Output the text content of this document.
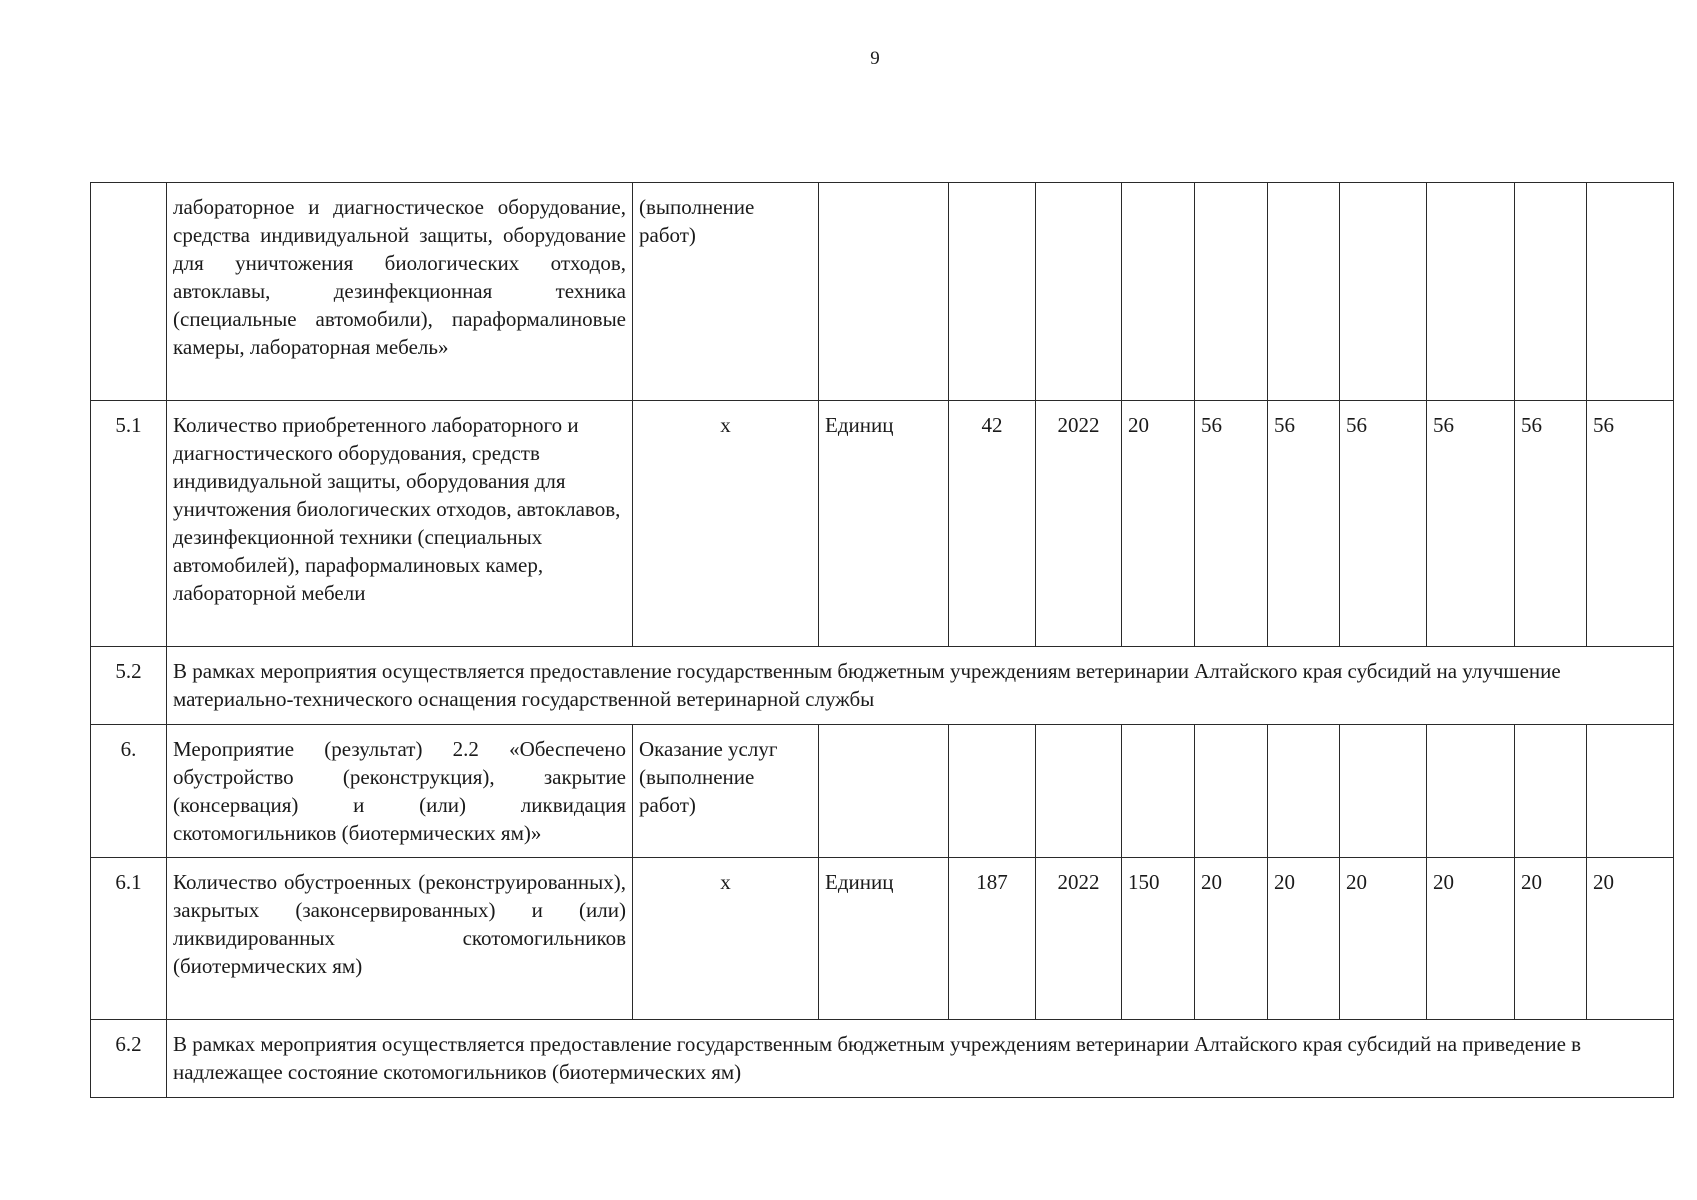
9
	лабораторное и диагностическое оборудование, средства индивидуальной защиты, оборудование для уничтожения биологических отходов, автоклавы, дезинфекционная техника (специальные автомобили), парaформалиновые камеры, лабораторная мебель»	(выполнение работ)										
5.1	Количество приобретенного лабораторного и диагностического оборудования, средств индивидуальной защиты, оборудования для уничтожения биологических отходов, автоклавов, дезинфекционной техники (специальных автомобилей), параформалиновых камер, лабораторной мебели	х	Единиц	42	2022	20	56	56	56	56	56	56
5.2	В рамках мероприятия осуществляется предоставление государственным бюджетным учреждениям ветеринарии Алтайского края субсидий на улучшение материально-технического оснащения государственной ветеринарной службы											
6.	Мероприятие (результат) 2.2 «Обеспечено обустройство (реконструкция), закрытие (консервация) и (или) ликвидация скотомогильников (биотермических ям)»	Оказание услуг (выполнение работ)										
6.1	Количество обустроенных (реконструированных), закрытых (законсервированных) и (или) ликвидированных скотомогильников (биотермических ям)	х	Единиц	187	2022	150	20	20	20	20	20	20
6.2	В рамках мероприятия осуществляется предоставление государственным бюджетным учреждениям ветеринарии Алтайского края субсидий на приведение в надлежащее состояние скотомогильников (биотермических ям)											
